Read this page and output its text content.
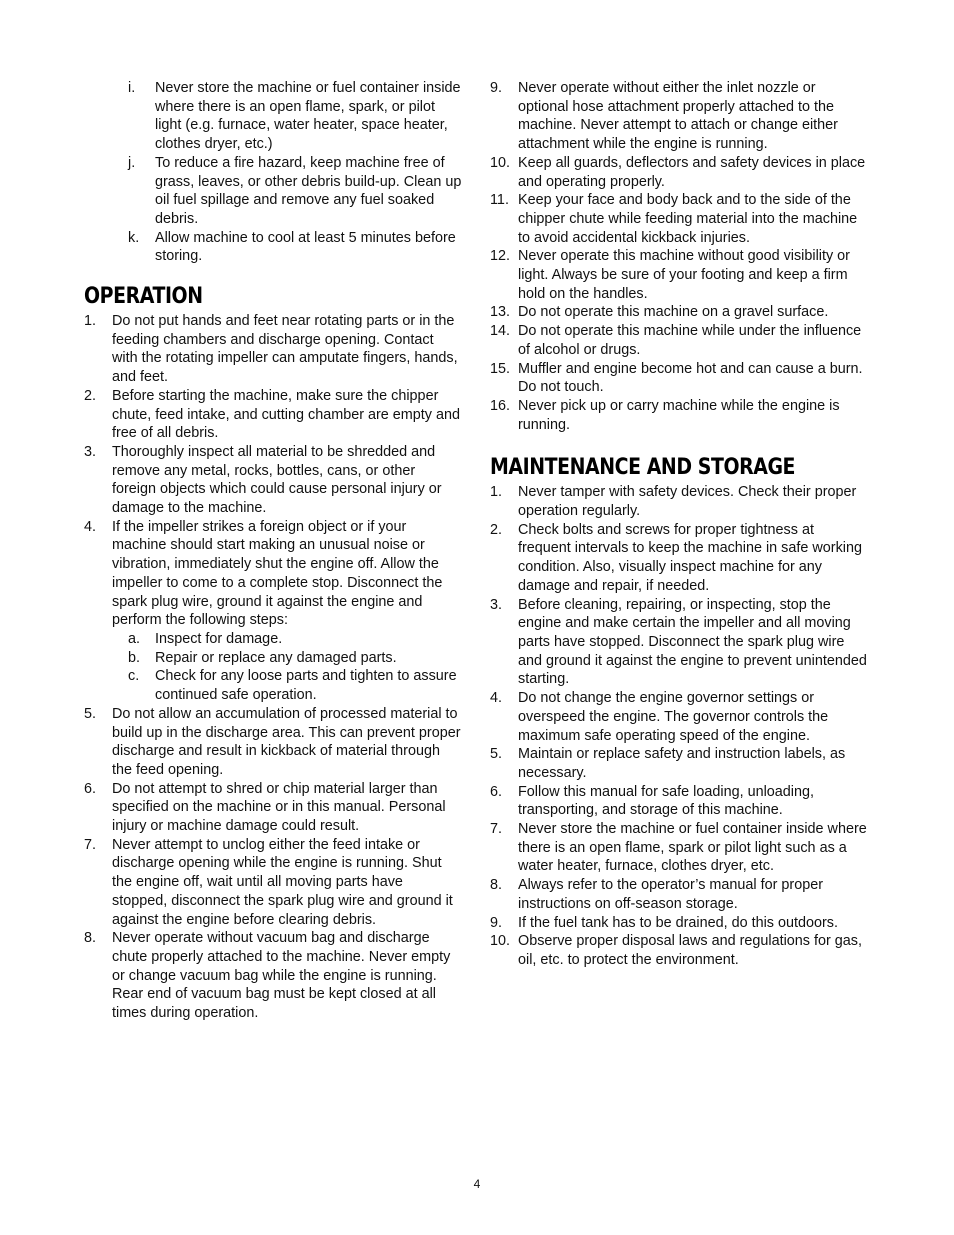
i. Never store the machine or fuel container inside where there is an open flame, spark, or pilot light (e.g. furnace, water heater, space heater, clothes dryer, etc.)
j. To reduce a fire hazard, keep machine free of grass, leaves, or other debris build-up. Clean up oil fuel spillage and remove any fuel soaked debris.
k. Allow machine to cool at least 5 minutes before storing.
OPERATION
1. Do not put hands and feet near rotating parts or in the feeding chambers and discharge opening. Contact with the rotating impeller can amputate fingers, hands, and feet.
2. Before starting the machine, make sure the chipper chute, feed intake, and cutting chamber are empty and free of all debris.
3. Thoroughly inspect all material to be shredded and remove any metal, rocks, bottles, cans, or other foreign objects which could cause personal injury or damage to the machine.
4. If the impeller strikes a foreign object or if your machine should start making an unusual noise or vibration, immediately shut the engine off. Allow the impeller to come to a complete stop. Disconnect the spark plug wire, ground it against the engine and perform the following steps:
a. Inspect for damage.
b. Repair or replace any damaged parts.
c. Check for any loose parts and tighten to assure continued safe operation.
5. Do not allow an accumulation of processed material to build up in the discharge area. This can prevent proper discharge and result in kickback of material through the feed opening.
6. Do not attempt to shred or chip material larger than specified on the machine or in this manual. Personal injury or machine damage could result.
7. Never attempt to unclog either the feed intake or discharge opening while the engine is running. Shut the engine off, wait until all moving parts have stopped, disconnect the spark plug wire and ground it against the engine before clearing debris.
8. Never operate without vacuum bag and discharge chute properly attached to the machine. Never empty or change vacuum bag while the engine is running. Rear end of vacuum bag must be kept closed at all times during operation.
9. Never operate without either the inlet nozzle or optional hose attachment properly attached to the machine. Never attempt to attach or change either attachment while the engine is running.
10. Keep all guards, deflectors and safety devices in place and operating properly.
11. Keep your face and body back and to the side of the chipper chute while feeding material into the machine to avoid accidental kickback injuries.
12. Never operate this machine without good visibility or light. Always be sure of your footing and keep a firm hold on the handles.
13. Do not operate this machine on a gravel surface.
14. Do not operate this machine while under the influence of alcohol or drugs.
15. Muffler and engine become hot and can cause a burn. Do not touch.
16. Never pick up or carry machine while the engine is running.
MAINTENANCE AND STORAGE
1. Never tamper with safety devices. Check their proper operation regularly.
2. Check bolts and screws for proper tightness at frequent intervals to keep the machine in safe working condition. Also, visually inspect machine for any damage and repair, if needed.
3. Before cleaning, repairing, or inspecting, stop the engine and make certain the impeller and all moving parts have stopped. Disconnect the spark plug wire and ground it against the engine to prevent unintended starting.
4. Do not change the engine governor settings or overspeed the engine. The governor controls the maximum safe operating speed of the engine.
5. Maintain or replace safety and instruction labels, as necessary.
6. Follow this manual for safe loading, unloading, transporting, and storage of this machine.
7. Never store the machine or fuel container inside where there is an open flame, spark or pilot light such as a water heater, furnace, clothes dryer, etc.
8. Always refer to the operator’s manual for proper instructions on off-season storage.
9. If the fuel tank has to be drained, do this outdoors.
10. Observe proper disposal laws and regulations for gas, oil, etc. to protect the environment.
4
